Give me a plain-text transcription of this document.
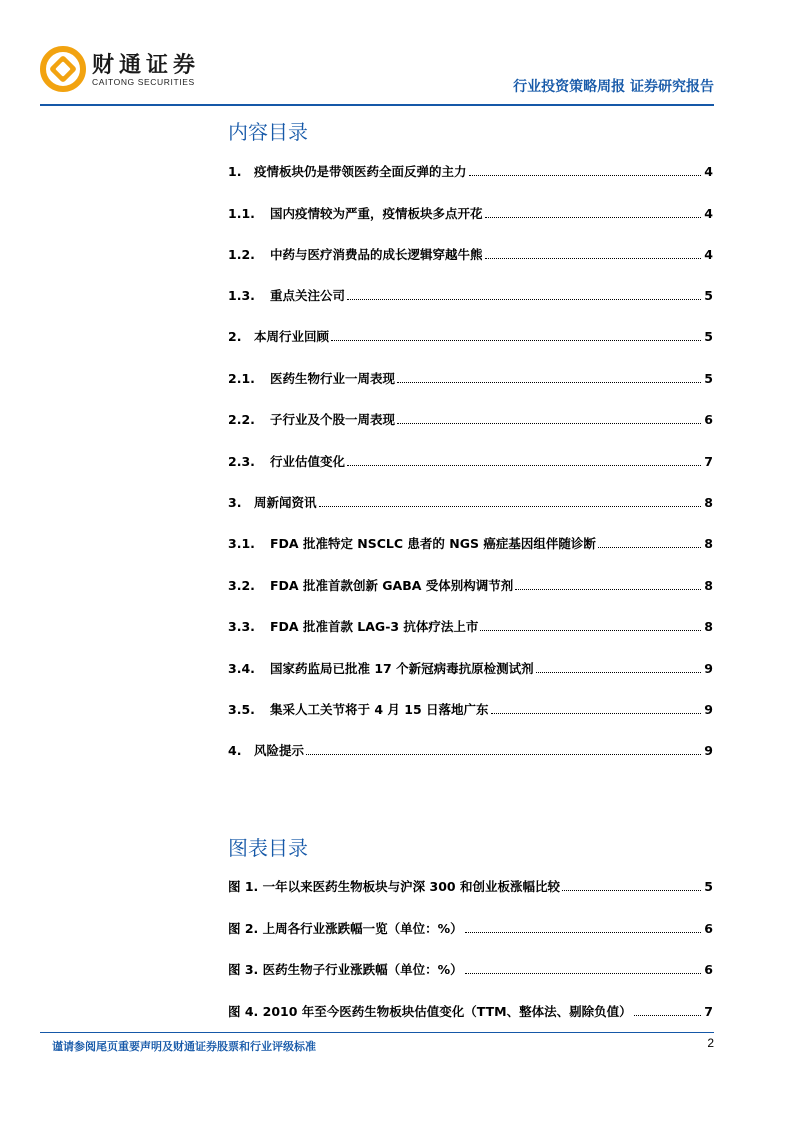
财通证券
CAITONG SECURITIES	行业投资策略周报 证券研究报告
内容目录
1.	疫情板块仍是带领医药全面反弹的主力	4
1.1.	国内疫情较为严重，疫情板块多点开花	4
1.2.	中药与医疗消费品的成长逻辑穿越牛熊	4
1.3.	重点关注公司	5
2.	本周行业回顾	5
2.1.	医药生物行业一周表现	5
2.2.	子行业及个股一周表现	6
2.3.	行业估值变化	7
3.	周新闻资讯	8
3.1.	FDA 批准特定 NSCLC 患者的 NGS 癌症基因组伴随诊断	8
3.2.	FDA 批准首款创新 GABA 受体别构调节剂	8
3.3.	FDA 批准首款 LAG-3 抗体疗法上市	8
3.4.	国家药监局已批准 17 个新冠病毒抗原检测试剂	9
3.5.	集采人工关节将于 4 月 15 日落地广东	9
4.	风险提示	9
图表目录
图 1. 一年以来医药生物板块与沪深 300 和创业板涨幅比较	5
图 2. 上周各行业涨跌幅一览（单位：%）	6
图 3. 医药生物子行业涨跌幅（单位：%）	6
图 4. 2010 年至今医药生物板块估值变化（TTM、整体法、剔除负值）	7
谨请参阅尾页重要声明及财通证券股票和行业评级标准	2
